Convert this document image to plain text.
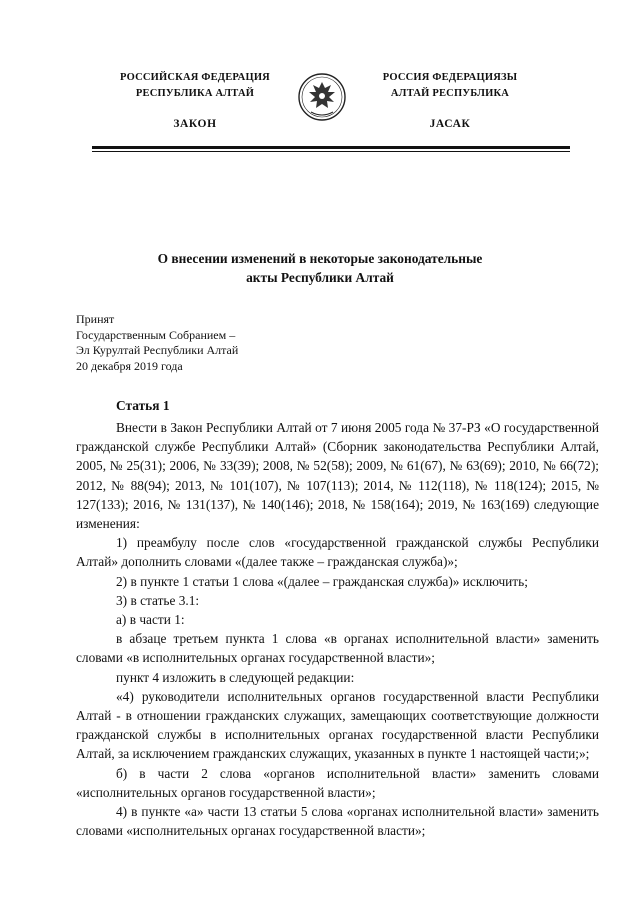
РОССИЙСКАЯ ФЕДЕРАЦИЯ
РЕСПУБЛИКА АЛТАЙ
ЗАКОН
РОССИЯ ФЕДЕРАЦИЯЗЫ
АЛТАЙ РЕСПУБЛИКА
JАСАК
О внесении изменений в некоторые законодательные
акты Республики Алтай
Принят
Государственным Собранием –
Эл Курултай Республики Алтай
20 декабря 2019 года
Статья 1

Внести в Закон Республики Алтай от 7 июня 2005 года № 37-РЗ «О государственной гражданской службе Республики Алтай» (Сборник законодательства Республики Алтай, 2005, № 25(31); 2006, № 33(39); 2008, № 52(58); 2009, № 61(67), № 63(69); 2010, № 66(72); 2012, № 88(94); 2013, № 101(107), № 107(113); 2014, № 112(118), № 118(124); 2015, № 127(133); 2016, № 131(137), № 140(146); 2018, № 158(164); 2019, № 163(169) следующие изменения:

1) преамбулу после слов «государственной гражданской службы Республики Алтай» дополнить словами «(далее также – гражданская служба)»;

2) в пункте 1 статьи 1 слова «(далее – гражданская служба)» исключить;

3) в статье 3.1:

а) в части 1:

в абзаце третьем пункта 1 слова «в органах исполнительной власти» заменить словами «в исполнительных органах государственной власти»;

пункт 4 изложить в следующей редакции:

«4) руководители исполнительных органов государственной власти Республики Алтай - в отношении гражданских служащих, замещающих соответствующие должности гражданской службы в исполнительных органах государственной власти Республики Алтай, за исключением гражданских служащих, указанных в пункте 1 настоящей части;»;

б) в части 2 слова «органов исполнительной власти» заменить словами «исполнительных органов государственной власти»;

4) в пункте «а» части 13 статьи 5 слова «органах исполнительной власти» заменить словами «исполнительных органах государственной власти»;
